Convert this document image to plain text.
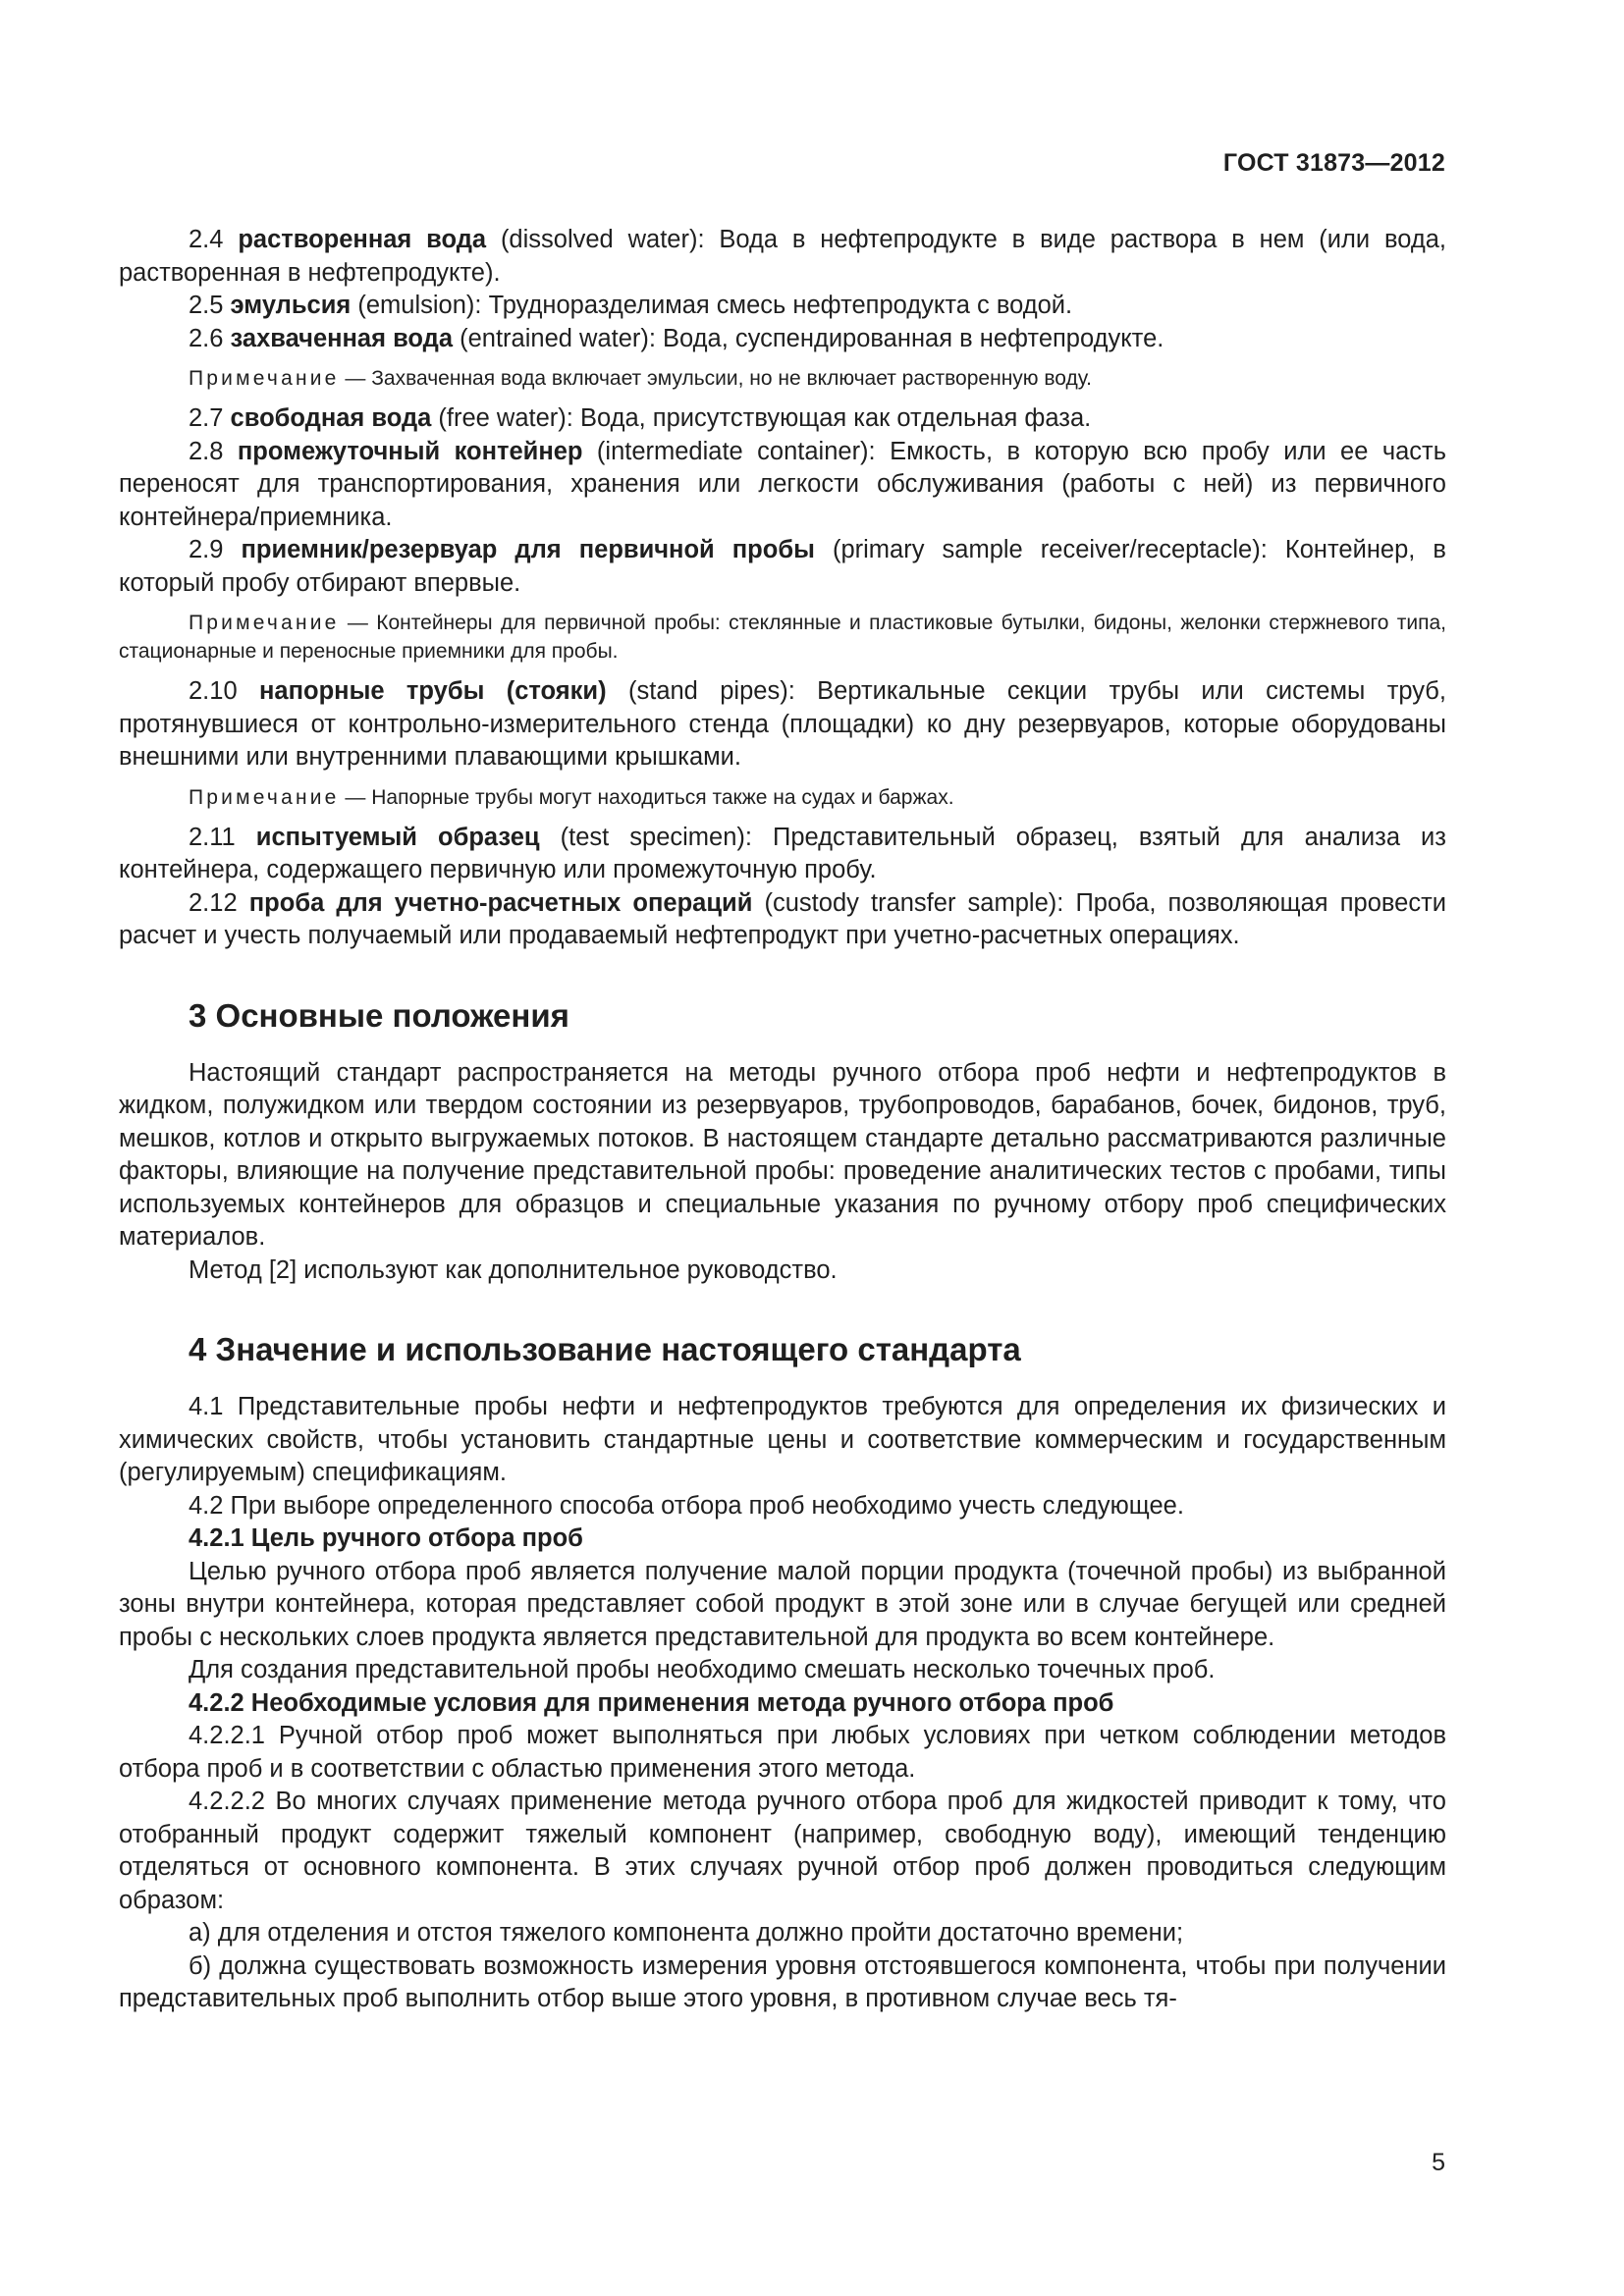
ГОСТ 31873—2012

2.4 растворенная вода (dissolved water): Вода в нефтепродукте в виде раствора в нем (или вода, растворенная в нефтепродукте).

2.5 эмульсия (emulsion): Трудноразделимая смесь нефтепродукта с водой.

2.6 захваченная вода (entrained water): Вода, суспендированная в нефтепродукте.

Примечание — Захваченная вода включает эмульсии, но не включает растворенную воду.

2.7 свободная вода (free water): Вода, присутствующая как отдельная фаза.

2.8 промежуточный контейнер (intermediate container): Емкость, в которую всю пробу или ее часть переносят для транспортирования, хранения или легкости обслуживания (работы с ней) из первичного контейнера/приемника.

2.9 приемник/резервуар для первичной пробы (primary sample receiver/receptacle): Контейнер, в который пробу отбирают впервые.

Примечание — Контейнеры для первичной пробы: стеклянные и пластиковые бутылки, бидоны, желонки стержневого типа, стационарные и переносные приемники для пробы.

2.10 напорные трубы (стояки) (stand pipes): Вертикальные секции трубы или системы труб, протянувшиеся от контрольно-измерительного стенда (площадки) ко дну резервуаров, которые оборудованы внешними или внутренними плавающими крышками.

Примечание — Напорные трубы могут находиться также на судах и баржах.

2.11 испытуемый образец (test specimen): Представительный образец, взятый для анализа из контейнера, содержащего первичную или промежуточную пробу.

2.12 проба для учетно-расчетных операций (custody transfer sample): Проба, позволяющая провести расчет и учесть получаемый или продаваемый нефтепродукт при учетно-расчетных операциях.

3 Основные положения

Настоящий стандарт распространяется на методы ручного отбора проб нефти и нефтепродуктов в жидком, полужидком или твердом состоянии из резервуаров, трубопроводов, барабанов, бочек, бидонов, труб, мешков, котлов и открыто выгружаемых потоков. В настоящем стандарте детально рассматриваются различные факторы, влияющие на получение представительной пробы: проведение аналитических тестов с пробами, типы используемых контейнеров для образцов и специальные указания по ручному отбору проб специфических материалов.

Метод [2] используют как дополнительное руководство.

4 Значение и использование настоящего стандарта

4.1 Представительные пробы нефти и нефтепродуктов требуются для определения их физических и химических свойств, чтобы установить стандартные цены и соответствие коммерческим и государственным (регулируемым) спецификациям.

4.2 При выборе определенного способа отбора проб необходимо учесть следующее.

4.2.1 Цель ручного отбора проб

Целью ручного отбора проб является получение малой порции продукта (точечной пробы) из выбранной зоны внутри контейнера, которая представляет собой продукт в этой зоне или в случае бегущей или средней пробы с нескольких слоев продукта является представительной для продукта во всем контейнере.

Для создания представительной пробы необходимо смешать несколько точечных проб.

4.2.2 Необходимые условия для применения метода ручного отбора проб

4.2.2.1 Ручной отбор проб может выполняться при любых условиях при четком соблюдении методов отбора проб и в соответствии с областью применения этого метода.

4.2.2.2 Во многих случаях применение метода ручного отбора проб для жидкостей приводит к тому, что отобранный продукт содержит тяжелый компонент (например, свободную воду), имеющий тенденцию отделяться от основного компонента. В этих случаях ручной отбор проб должен проводиться следующим образом:

а) для отделения и отстоя тяжелого компонента должно пройти достаточно времени;

б) должна существовать возможность измерения уровня отстоявшегося компонента, чтобы при получении представительных проб выполнить отбор выше этого уровня, в противном случае весь тя-

5
